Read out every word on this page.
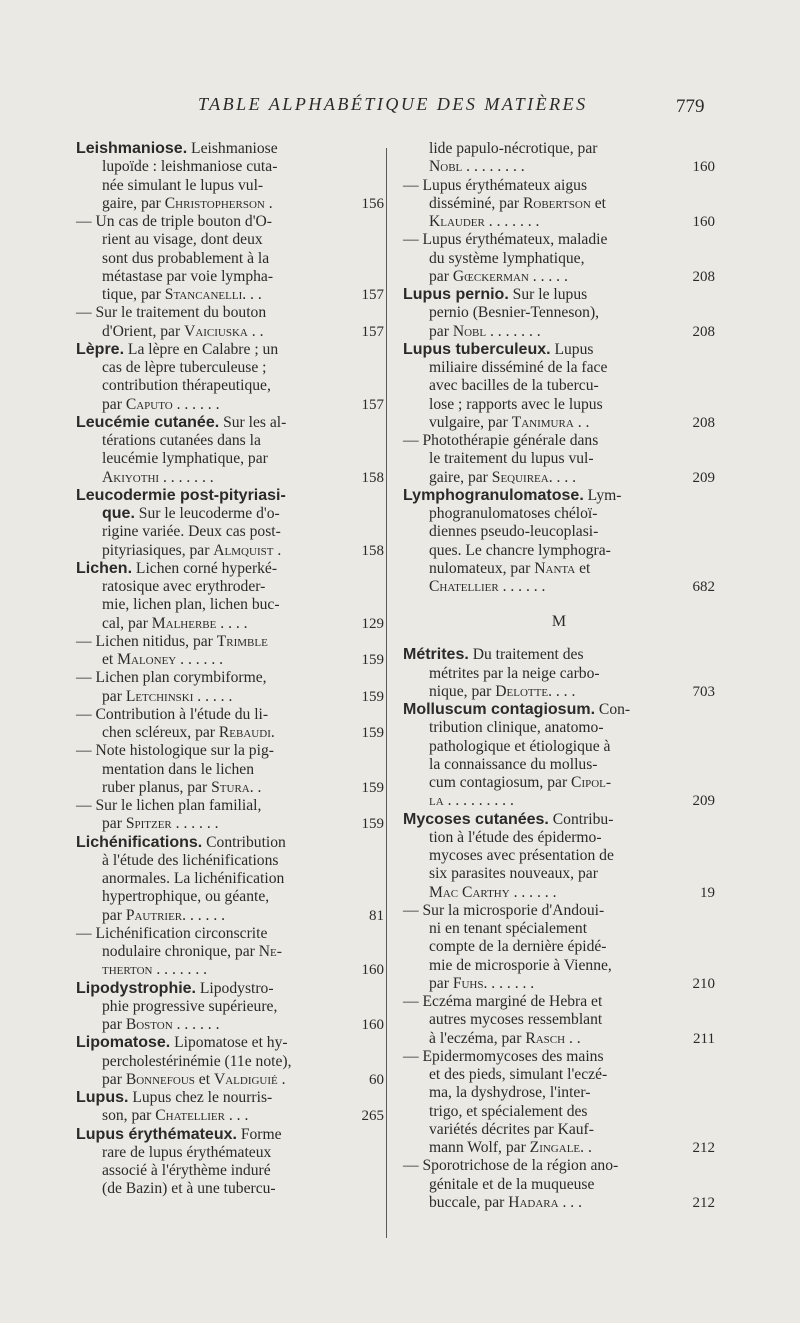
TABLE ALPHABÉTIQUE DES MATIÈRES	779
Leishmaniose. Leishmaniose
lupoïde : leishmaniose cuta-
née simulant le lupus vul-
gaire, par Christopherson .	156
— Un cas de triple bouton d'O-
rient au visage, dont deux
sont dus probablement à la
métastase par voie lympha-
tique, par Stancanelli. . .	157
— Sur le traitement du bouton
d'Orient, par Vaiciuska . .	157
Lèpre. La lèpre en Calabre ; un
cas de lèpre tuberculeuse ;
contribution thérapeutique,
par Caputo . . . . . .	157
Leucémie cutanée. Sur les al-
térations cutanées dans la
leucémie lymphatique, par
Akiyothi . . . . . . .	158
Leucodermie post-pityriasi-
que. Sur le leucoderme d'o-
rigine variée. Deux cas post-
pityriasiques, par Almquist .	158
Lichen. Lichen corné hyperké-
ratosique avec erythroder-
mie, lichen plan, lichen buc-
cal, par Malherbe . . . .	129
— Lichen nitidus, par Trimble
et Maloney . . . . . .	159
— Lichen plan corymbiforme,
par Letchinski . . . . .	159
— Contribution à l'étude du li-
chen scléreux, par Rebaudi.	159
— Note histologique sur la pig-
mentation dans le lichen
ruber planus, par Stura. .	159
— Sur le lichen plan familial,
par Spitzer . . . . . .	159
Lichénifications. Contribution
à l'étude des lichénifications
anormales. La lichénification
hypertrophique, ou géante,
par Pautrier. . . . . .	81
— Lichénification circonscrite
nodulaire chronique, par Ne-
therton . . . . . . .	160
Lipodystrophie. Lipodystro-
phie progressive supérieure,
par Boston . . . . . .	160
Lipomatose. Lipomatose et hy-
percholestérinémie (11e note),
par Bonnefous et Valdiguié .	60
Lupus. Lupus chez le nourris-
son, par Chatellier . . .	265
Lupus érythémateux. Forme
rare de lupus érythémateux
associé à l'érythème induré
(de Bazin) et à une tubercu-
lide papulo-nécrotique, par
Nobl . . . . . . . .	160
— Lupus érythémateux aigus
disséminé, par Robertson et
Klauder . . . . . . .	160
— Lupus érythémateux, maladie
du système lymphatique,
par Gœckerman . . . . .	208
Lupus pernio. Sur le lupus
pernio (Besnier-Tenneson),
par Nobl . . . . . . .	208
Lupus tuberculeux. Lupus
miliaire disséminé de la face
avec bacilles de la tubercu-
lose ; rapports avec le lupus
vulgaire, par Tanimura . .	208
— Photothérapie générale dans
le traitement du lupus vul-
gaire, par Sequirea. . . .	209
Lymphogranulomatose. Lym-
phogranulomatoses chéloï-
diennes pseudo-leucoplasi-
ques. Le chancre lymphogra-
nulomateux, par Nanta et
Chatellier . . . . . .	682
M
Métrites. Du traitement des
métrites par la neige carbo-
nique, par Delotte. . . .	703
Molluscum contagiosum. Con-
tribution clinique, anatomo-
pathologique et étiologique à
la connaissance du mollus-
cum contagiosum, par Cipol-
la . . . . . . . . .	209
Mycoses cutanées. Contribu-
tion à l'étude des épidermo-
mycoses avec présentation de
six parasites nouveaux, par
Mac Carthy . . . . . .	19
— Sur la microsporie d'Andoui-
ni en tenant spécialement
compte de la dernière épidé-
mie de microsporie à Vienne,
par Fuhs. . . . . . .	210
— Eczéma marginé de Hebra et
autres mycoses ressemblant
à l'eczéma, par Rasch . .	211
— Epidermomycoses des mains
et des pieds, simulant l'eczé-
ma, la dyshydrose, l'inter-
trigo, et spécialement des
variétés décrites par Kauf-
mann Wolf, par Zingale. .	212
— Sporotrichose de la région ano-
génitale et de la muqueuse
buccale, par Hadara . . .	212
